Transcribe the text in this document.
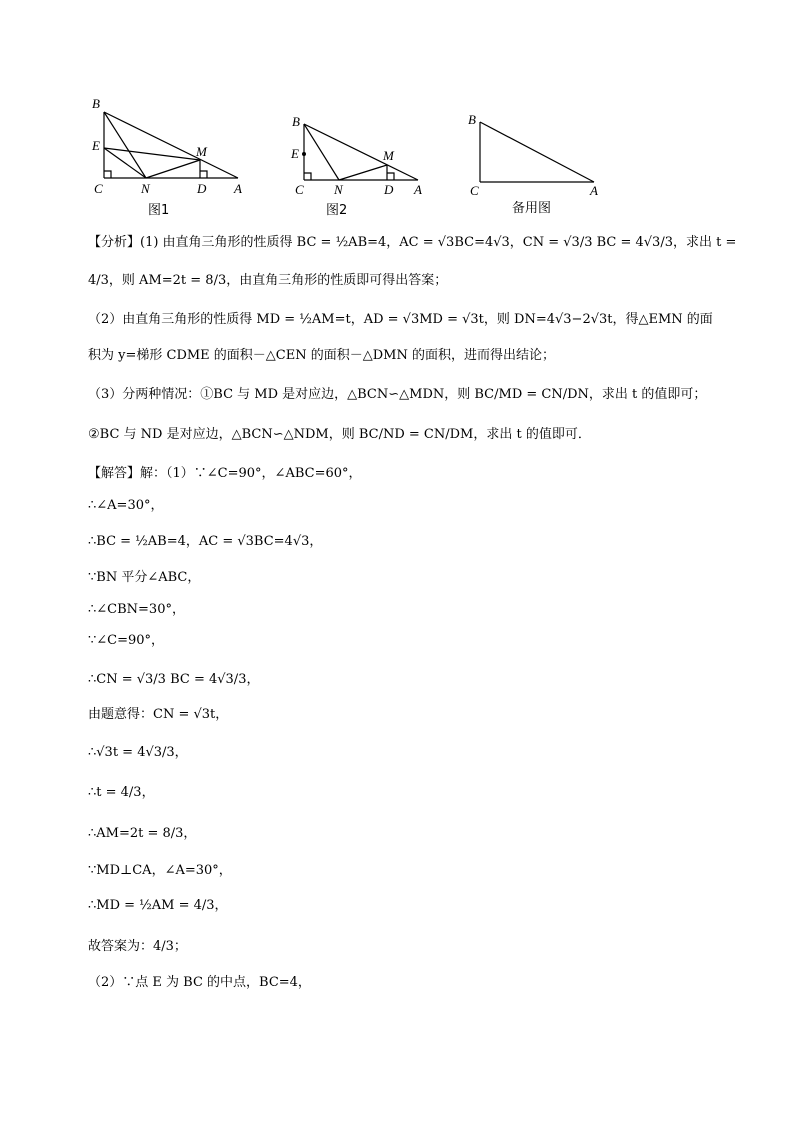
B
E
C	N
M
D A
图1
B
E
C N
M
D A
图2
B
C	A
备用图
【分析】(1) 由直角三角形的性质得 BC = ½AB=4，AC = √3BC=4√3，CN = √3/3 BC = 4√3/3，求出 t =
4/3，则 AM=2t = 8/3，由直角三角形的性质即可得出答案；
（2）由直角三角形的性质得 MD = ½AM=t，AD = √3MD = √3t，则 DN=4√3−2√3t，得△EMN 的面
积为 y=梯形 CDME 的面积－△CEN 的面积－△DMN 的面积，进而得出结论；
（3）分两种情况：①BC 与 MD 是对应边，△BCN∽△MDN，则 BC/MD = CN/DN，求出 t 的值即可；
②BC 与 ND 是对应边，△BCN∽△NDM，则 BC/ND = CN/DM，求出 t 的值即可．
【解答】解：（1）∵∠C=90°，∠ABC=60°，
∴∠A=30°，
∴BC = ½AB=4，AC = √3BC=4√3，
∵BN 平分∠ABC，
∴∠CBN=30°，
∵∠C=90°，
∴CN = √3/3 BC = 4√3/3，
由题意得：CN = √3t，
∴√3t = 4√3/3，
∴t = 4/3，
∴AM=2t = 8/3，
∵MD⊥CA，∠A=30°，
∴MD = ½AM = 4/3，
故答案为：4/3；
（2）∵点 E 为 BC 的中点，BC=4，
